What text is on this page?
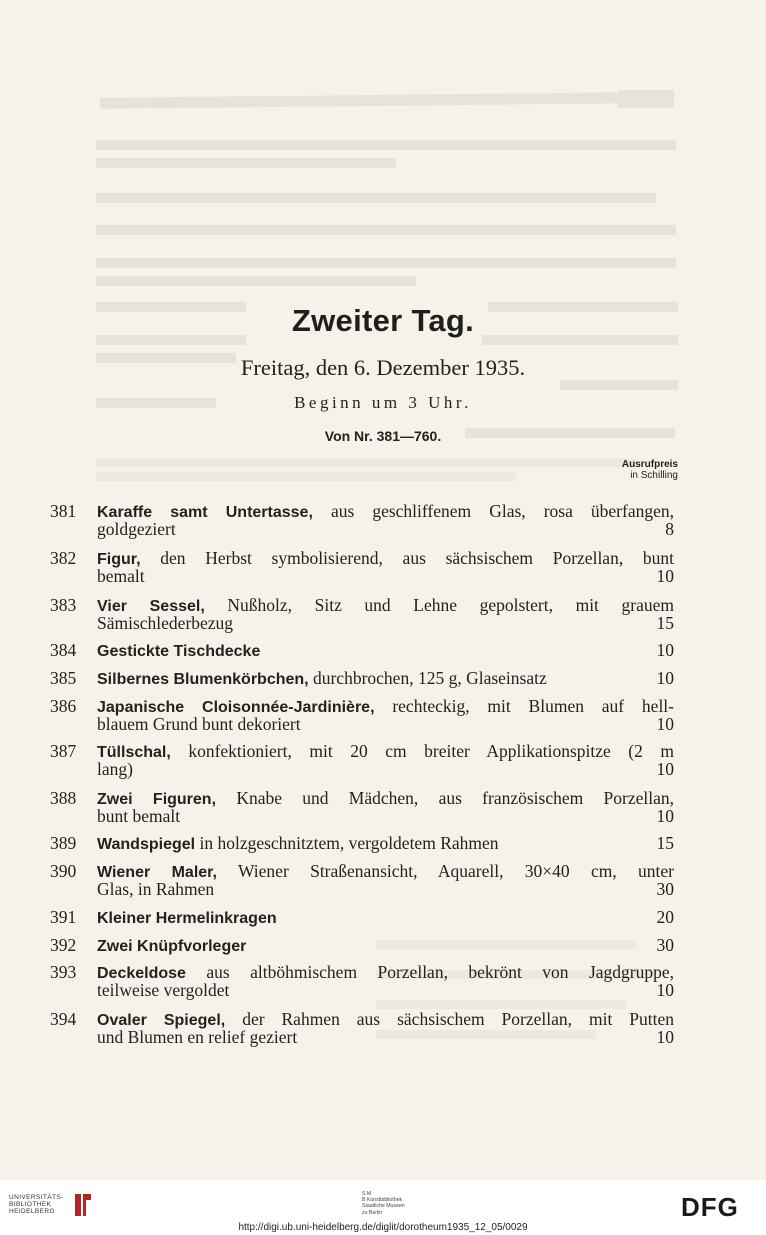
Zweiter Tag.
Freitag, den 6. Dezember 1935.
Beginn um 3 Uhr.
Von Nr. 381—760.
Ausrufpreis
in Schilling
381 Karaffe samt Untertasse, aus geschliffenem Glas, rosa überfangen,
goldgeziert	8
382 Figur, den Herbst symbolisierend, aus sächsischem Porzellan, bunt
bemalt	10
383 Vier Sessel, Nußholz, Sitz und Lehne gepolstert, mit grauem
Sämischlederbezug	15
384 Gestickte Tischdecke	10
385 Silbernes Blumenkörbchen, durchbrochen, 125 g, Glaseinsatz	10
386 Japanische Cloisonnée-Jardinière, rechteckig, mit Blumen auf hell-
blauem Grund bunt dekoriert	10
387 Tüllschal, konfektioniert, mit 20 cm breiter Applikationspitze (2 m
lang)	10
388 Zwei Figuren, Knabe und Mädchen, aus französischem Porzellan,
bunt bemalt	10
389 Wandspiegel in holzgeschnitztem, vergoldetem Rahmen	15
390 Wiener Maler, Wiener Straßenansicht, Aquarell, 30×40 cm, unter
Glas, in Rahmen	30
391 Kleiner Hermelinkragen	20
392 Zwei Knüpfvorleger	30
393 Deckeldose aus altböhmischem Porzellan, bekrönt von Jagdgruppe,
teilweise vergoldet	10
394 Ovaler Spiegel, der Rahmen aus sächsischem Porzellan, mit Putten
und Blumen en relief geziert	10
UNIVERSITÄTS-
BIBLIOTHEK
HEIDELBERG
S M
B Kunstbibliothek
Staatliche Museen
zu Berlin	DFG
http://digi.ub.uni-heidelberg.de/diglit/dorotheum1935_12_05/0029
